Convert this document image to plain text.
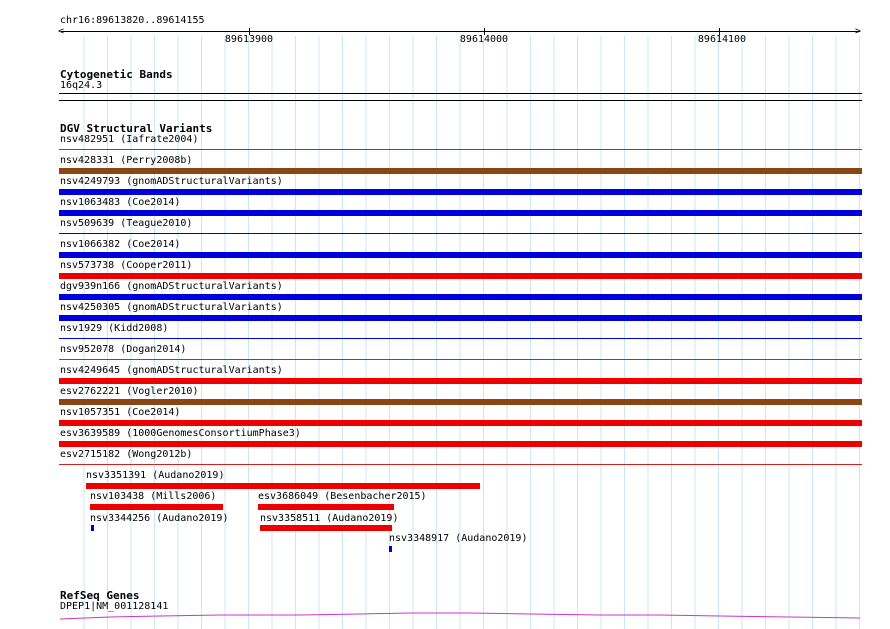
chr16:89613820..89614155
<	>
89613900	89614000	89614100
Cytogenetic Bands
16q24.3
DGV Structural Variants
nsv482951 (Iafrate2004)
nsv428331 (Perry2008b)
nsv4249793 (gnomADStructuralVariants)
nsv1063483 (Coe2014)
nsv509639 (Teague2010)
nsv1066382 (Coe2014)
nsv573738 (Cooper2011)
dgv939n166 (gnomADStructuralVariants)
nsv4250305 (gnomADStructuralVariants)
nsv1929 (Kidd2008)
nsv952078 (Dogan2014)
nsv4249645 (gnomADStructuralVariants)
esv2762221 (Vogler2010)
nsv1057351 (Coe2014)
esv3639589 (1000GenomesConsortiumPhase3)
esv2715182 (Wong2012b)
nsv3351391 (Audano2019)
nsv103438 (Mills2006)	esv3686049 (Besenbacher2015)
nsv3344256 (Audano2019)	nsv3358511 (Audano2019)
nsv3348917 (Audano2019)
RefSeq Genes
DPEP1|NM_001128141
